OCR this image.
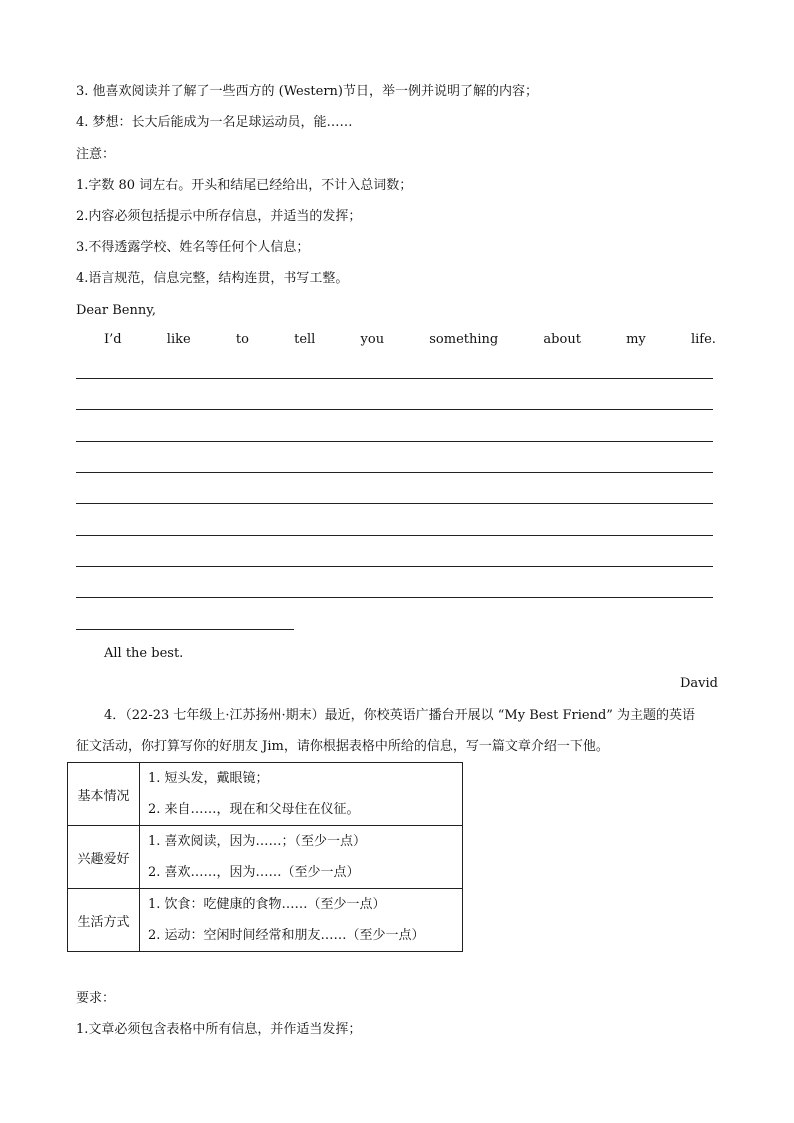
3. 他喜欢阅读并了解了一些西方的 (Western)节日，举一例并说明了解的内容；
4. 梦想：长大后能成为一名足球运动员，能……
注意：
1.字数 80 词左右。开头和结尾已经给出，不计入总词数；
2.内容必须包括提示中所存信息，并适当的发挥；
3.不得透露学校、姓名等任何个人信息；
4.语言规范，信息完整，结构连贯，书写工整。
Dear Benny,
I’d	like	to	tell	you	something	about	my	life.
All the best.
David
4．（22-23 七年级上·江苏扬州·期末）最近，你校英语广播台开展以 “My Best Friend” 为主题的英语
征文活动，你打算写你的好朋友 Jim，请你根据表格中所给的信息，写一篇文章介绍一下他。
基本情况	1. 短头发，戴眼镜；
2. 来自……，现在和父母住在仪征。

兴趣爱好	1. 喜欢阅读，因为……；（至少一点）
2. 喜欢……，因为……（至少一点）

生活方式	1. 饮食：吃健康的食物……（至少一点）
2. 运动：空闲时间经常和朋友……（至少一点）
要求：
1.文章必须包含表格中所有信息，并作适当发挥；
